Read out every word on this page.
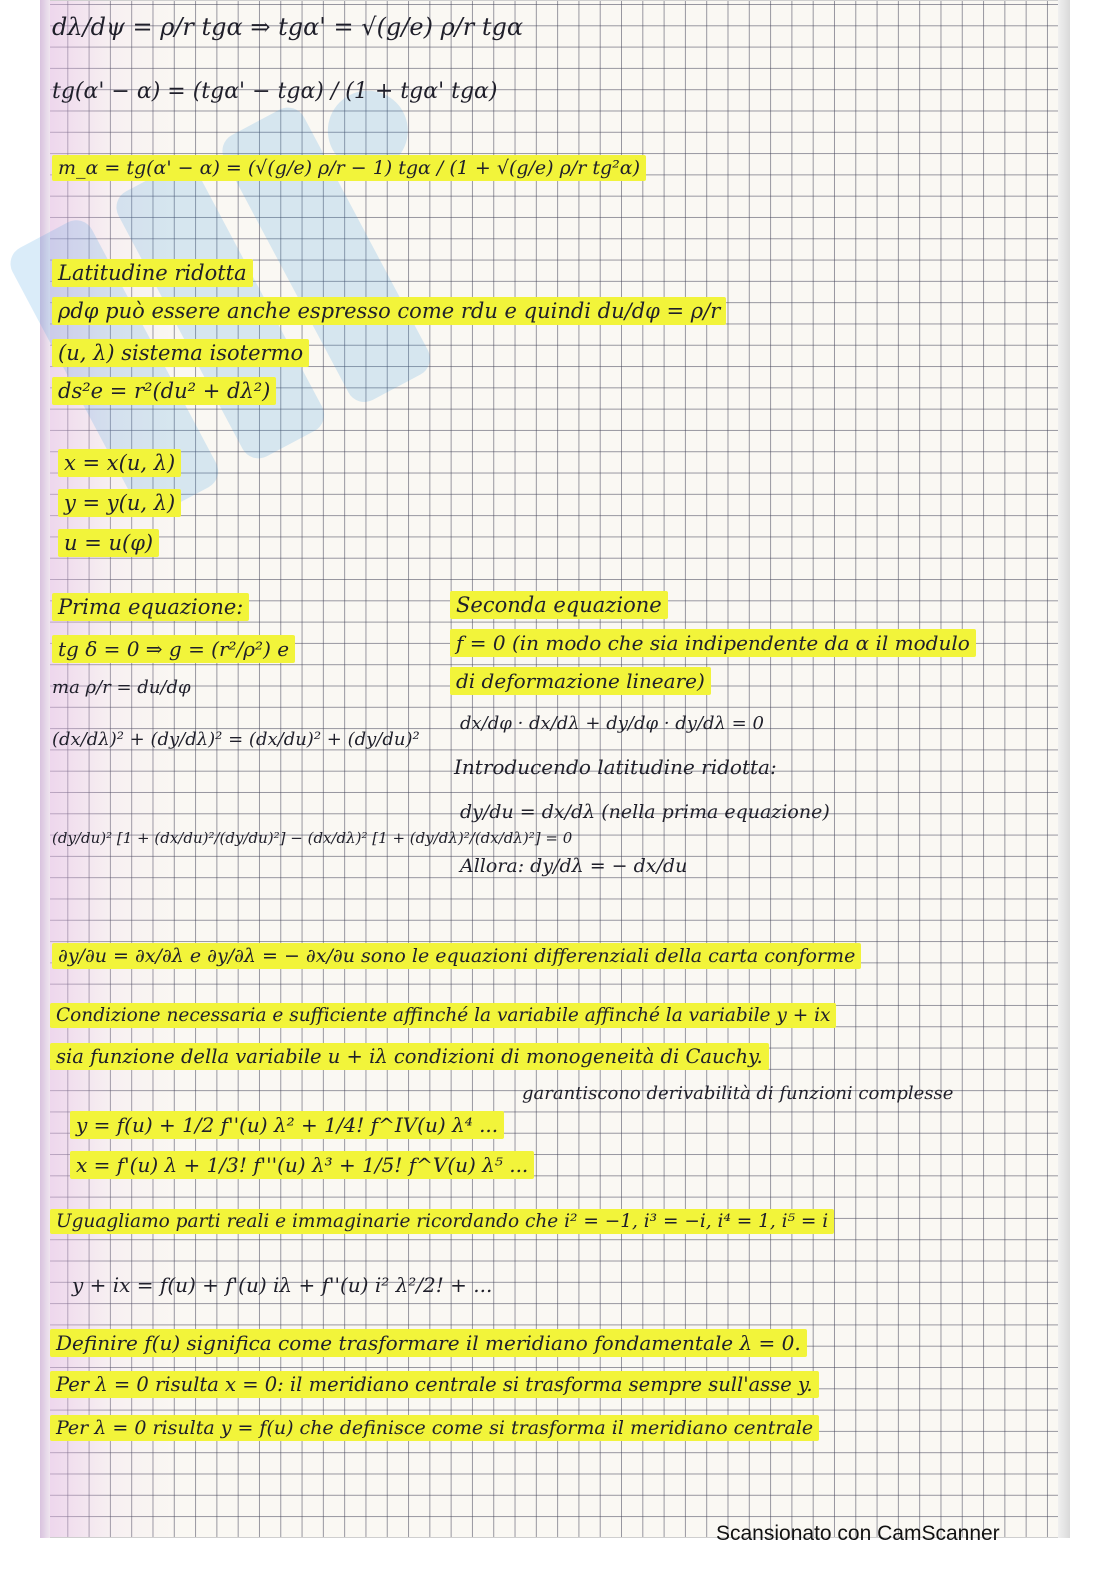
dλ/dψ = ρ/r tgα ⇒ tgα' = √(g/e) ρ/r tgα

tg(α' − α) = (tgα' − tgα) / (1 + tgα' tgα)

m_α = tg(α' − α) = (√(g/e) ρ/r − 1) tgα / (1 + √(g/e) ρ/r tg²α)

Latitudine ridotta

ρdφ può essere anche espresso come rdu e quindi du/dφ = ρ/r

(u, λ) sistema isotermo

ds²e = r²(du² + dλ²)

x = x(u, λ)

y = y(u, λ)

u = u(φ)

Prima equazione:

tg δ = 0 ⇒ g = (r²/ρ²) e

ma ρ/r = du/dφ

(dx/dλ)² + (dy/dλ)² = (dx/du)² + (dy/du)²

(dy/du)² [1 + (dx/du)²/(dy/du)²] − (dx/dλ)² [1 + (dy/dλ)²/(dx/dλ)²] = 0

Seconda equazione

f = 0 (in modo che sia indipendente da α il modulo

di deformazione lineare)

dx/dφ · dx/dλ + dy/dφ · dy/dλ = 0

Introducendo latitudine ridotta:

dy/du = dx/dλ (nella prima equazione)

Allora: dy/dλ = − dx/du

∂y/∂u = ∂x/∂λ e ∂y/∂λ = − ∂x/∂u sono le equazioni differenziali della carta conforme

Condizione necessaria e sufficiente affinché la variabile affinché la variabile y + ix

sia funzione della variabile u + iλ condizioni di monogeneità di Cauchy.

garantiscono derivabilità di funzioni complesse

y = f(u) + 1/2 f''(u) λ² + 1/4! f^IV(u) λ⁴ ...

x = f'(u) λ + 1/3! f'''(u) λ³ + 1/5! f^V(u) λ⁵ ...

Uguagliamo parti reali e immaginarie ricordando che i² = −1, i³ = −i, i⁴ = 1, i⁵ = i

y + ix = f(u) + f'(u) iλ + f''(u) i² λ²/2! + ...

Definire f(u) significa come trasformare il meridiano fondamentale λ = 0.

Per λ = 0 risulta x = 0: il meridiano centrale si trasforma sempre sull'asse y.

Per λ = 0 risulta y = f(u) che definisce come si trasforma il meridiano centrale

Scansionato con CamScanner
